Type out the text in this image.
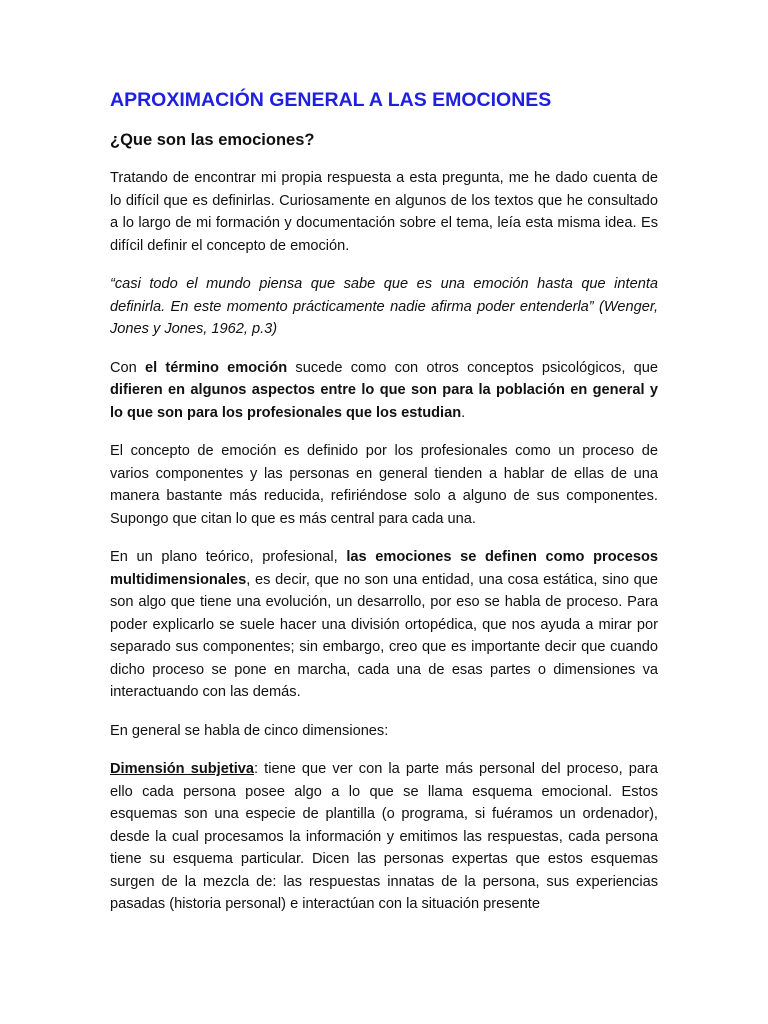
APROXIMACIÓN GENERAL A LAS EMOCIONES
¿Que son las emociones?

Tratando de encontrar mi propia respuesta a esta pregunta, me he dado cuenta de lo difícil que es definirlas. Curiosamente en algunos de los textos que he consultado a lo largo de mi formación y documentación sobre el tema, leía esta misma idea. Es difícil definir el concepto de emoción.

“casi todo el mundo piensa que sabe que es una emoción hasta que intenta definirla. En este momento prácticamente nadie afirma poder entenderla” (Wenger, Jones y Jones, 1962, p.3)

Con el término emoción sucede como con otros conceptos psicológicos, que difieren en algunos aspectos entre lo que son para la población en general y lo que son para los profesionales que los estudian.

El concepto de emoción es definido por los profesionales como un proceso de varios componentes y las personas en general tienden a hablar de ellas de una manera bastante más reducida, refiriéndose solo a alguno de sus componentes. Supongo que citan lo que es más central para cada una.

En un plano teórico, profesional, las emociones se definen como procesos multidimensionales, es decir, que no son una entidad, una cosa estática, sino que son algo que tiene una evolución, un desarrollo, por eso se habla de proceso. Para poder explicarlo se suele hacer una división ortopédica, que nos ayuda a mirar por separado sus componentes; sin embargo, creo que es importante decir que cuando dicho proceso se pone en marcha, cada una de esas partes o dimensiones va interactuando con las demás.

En general se habla de cinco dimensiones:

Dimensión subjetiva: tiene que ver con la parte más personal del proceso, para ello cada persona posee algo a lo que se llama esquema emocional. Estos esquemas son una especie de plantilla (o programa, si fuéramos un ordenador), desde la cual procesamos la información y emitimos las respuestas, cada persona tiene su esquema particular. Dicen las personas expertas que estos esquemas surgen de la mezcla de: las respuestas innatas de la persona, sus experiencias pasadas (historia personal) e interactúan con la situación presente
